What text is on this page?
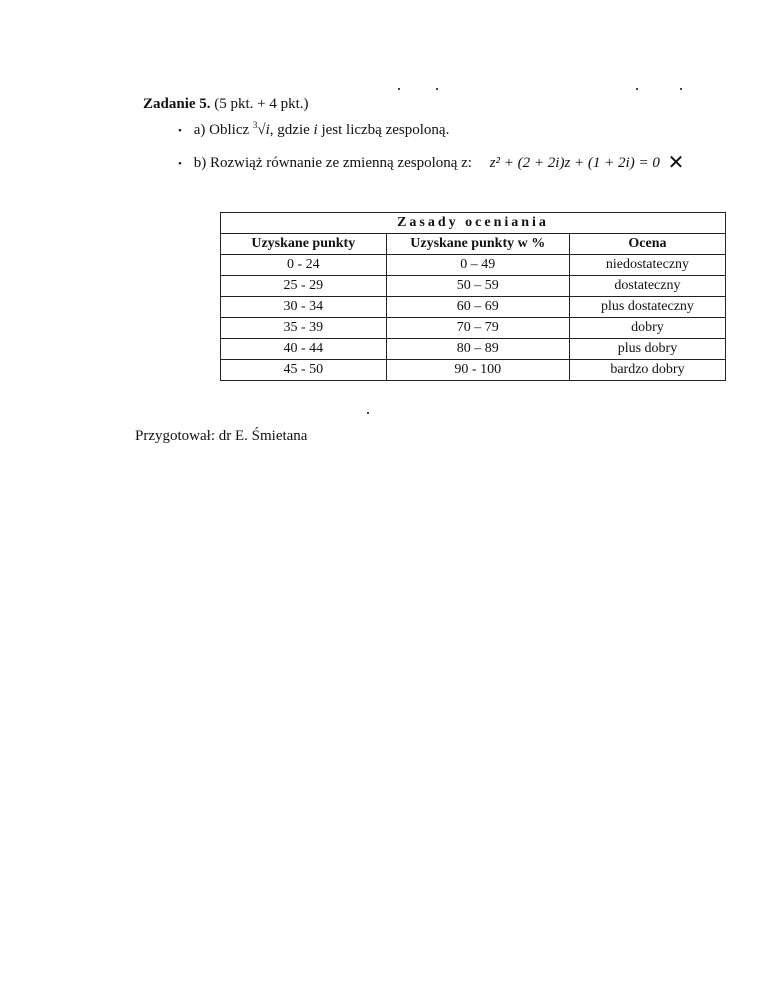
Zadanie 5. (5 pkt. + 4 pkt.)
• a) Oblicz $^3$√i, gdzie i jest liczbą zespoloną.
• b) Rozwiąż równanie ze zmienną zespoloną z: z² + (2 + 2i)z + (1 + 2i) = 0 ✕
Zasady oceniania		
Uzyskane punkty	Uzyskane punkty w %	Ocena
0 - 24	0 – 49	niedostateczny
25 - 29	50 – 59	dostateczny
30 - 34	60 – 69	plus dostateczny
35 - 39	70 – 79	dobry
40 - 44	80 – 89	plus dobry
45 - 50	90 - 100	bardzo dobry
Przygotował: dr E. Śmietana
